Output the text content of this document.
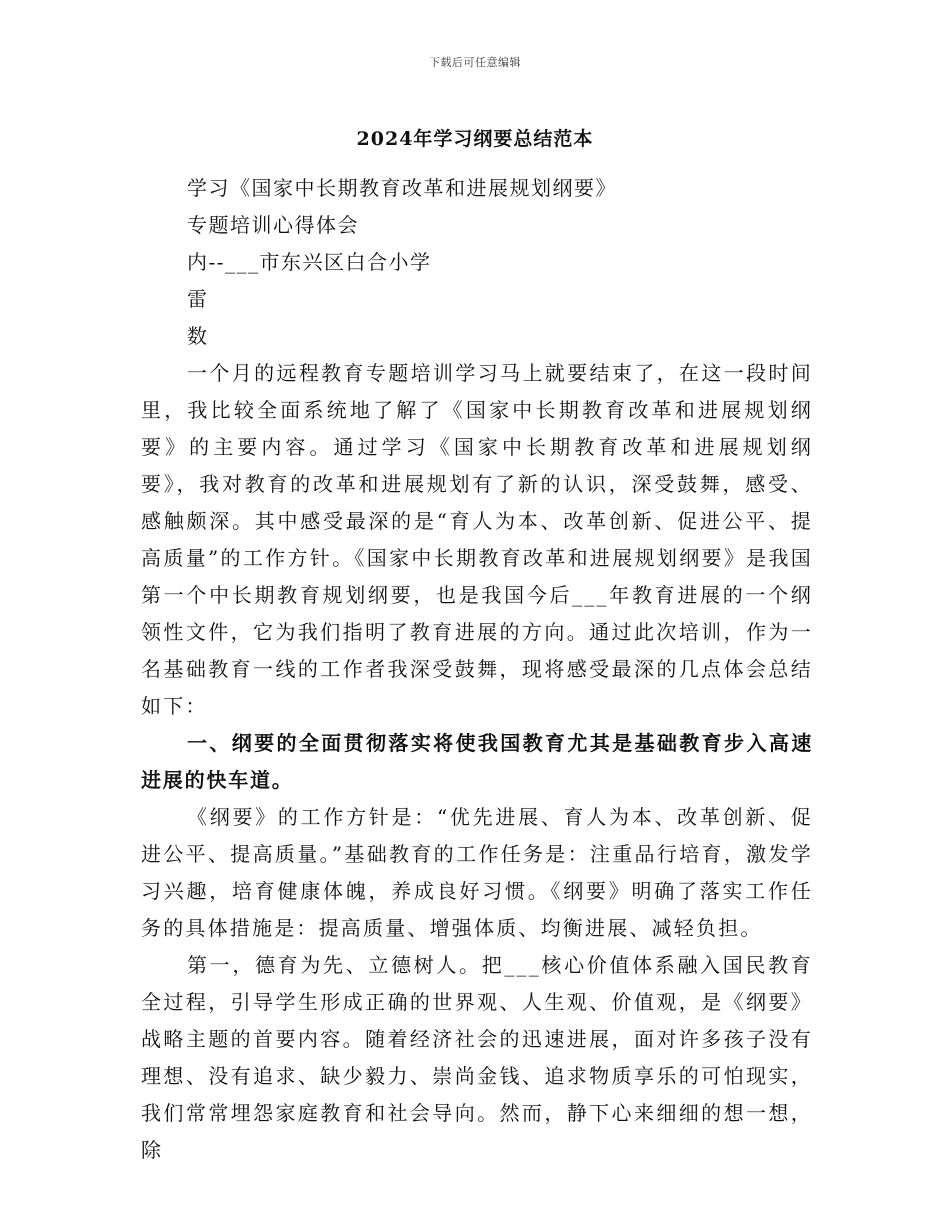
下载后可任意编辑
2024年学习纲要总结范本

学习《国家中长期教育改革和进展规划纲要》

专题培训心得体会

内--___市东兴区白合小学

雷

数

一个月的远程教育专题培训学习马上就要结束了，在这一段时间里，我比较全面系统地了解了《国家中长期教育改革和进展规划纲要》的主要内容。通过学习《国家中长期教育改革和进展规划纲要》，我对教育的改革和进展规划有了新的认识，深受鼓舞，感受、感触颇深。其中感受最深的是“育人为本、改革创新、促进公平、提高质量”的工作方针。《国家中长期教育改革和进展规划纲要》是我国第一个中长期教育规划纲要，也是我国今后___年教育进展的一个纲领性文件，它为我们指明了教育进展的方向。通过此次培训，作为一名基础教育一线的工作者我深受鼓舞，现将感受最深的几点体会总结如下：

一、纲要的全面贯彻落实将使我国教育尤其是基础教育步入高速进展的快车道。

《纲要》的工作方针是：“优先进展、育人为本、改革创新、促进公平、提高质量。”基础教育的工作任务是：注重品行培育，激发学习兴趣，培育健康体魄，养成良好习惯。《纲要》明确了落实工作任务的具体措施是：提高质量、增强体质、均衡进展、减轻负担。

第一，德育为先、立德树人。把___核心价值体系融入国民教育全过程，引导学生形成正确的世界观、人生观、价值观，是《纲要》战略主题的首要内容。随着经济社会的迅速进展，面对许多孩子没有理想、没有追求、缺少毅力、崇尚金钱、追求物质享乐的可怕现实，我们常常埋怨家庭教育和社会导向。然而，静下心来细细的想一想，除
